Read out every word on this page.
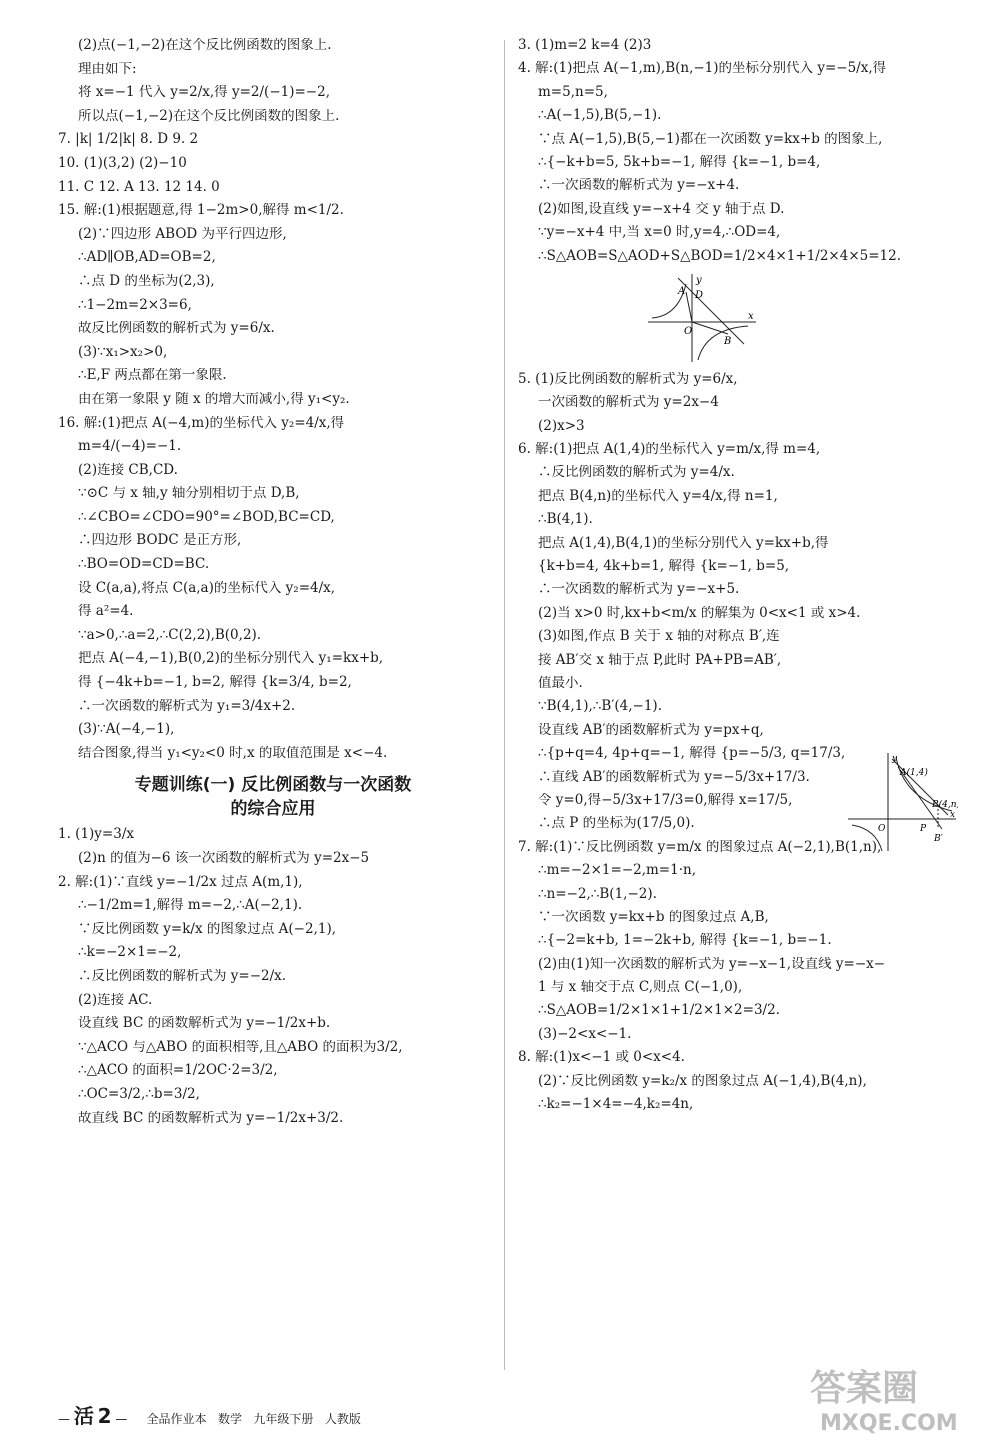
(2)点(−1,−2)在这个反比例函数的图象上.
理由如下:
将 x=−1 代入 y=2/x,得 y=2/(−1)=−2,
所以点(−1,−2)在这个反比例函数的图象上.
7. |k| 1/2|k| 8. D 9. 2
10. (1)(3,2) (2)−10
11. C 12. A 13. 12 14. 0
15. 解:(1)根据题意,得 1−2m>0,解得 m<1/2.
(2)∵四边形 ABOD 为平行四边形,
∴AD∥OB,AD=OB=2,
∴点 D 的坐标为(2,3),
∴1−2m=2×3=6,
故反比例函数的解析式为 y=6/x.
(3)∵x₁>x₂>0,
∴E,F 两点都在第一象限.
由在第一象限 y 随 x 的增大而减小,得 y₁<y₂.
16. 解:(1)把点 A(−4,m)的坐标代入 y₂=4/x,得
m=4/(−4)=−1.
(2)连接 CB,CD.
∵⊙C 与 x 轴,y 轴分别相切于点 D,B,
∴∠CBO=∠CDO=90°=∠BOD,BC=CD,
∴四边形 BODC 是正方形,
∴BO=OD=CD=BC.
设 C(a,a),将点 C(a,a)的坐标代入 y₂=4/x,
得 a²=4.
∵a>0,∴a=2,∴C(2,2),B(0,2).
把点 A(−4,−1),B(0,2)的坐标分别代入 y₁=kx+b,
得 {−4k+b=−1, b=2, 解得 {k=3/4, b=2,
∴一次函数的解析式为 y₁=3/4x+2.
(3)∵A(−4,−1),
结合图象,得当 y₁<y₂<0 时,x 的取值范围是 x<−4.
专题训练(一) 反比例函数与一次函数
的综合应用
1. (1)y=3/x
(2)n 的值为−6 该一次函数的解析式为 y=2x−5
2. 解:(1)∵直线 y=−1/2x 过点 A(m,1),
∴−1/2m=1,解得 m=−2,∴A(−2,1).
∵反比例函数 y=k/x 的图象过点 A(−2,1),
∴k=−2×1=−2,
∴反比例函数的解析式为 y=−2/x.
(2)连接 AC.
设直线 BC 的函数解析式为 y=−1/2x+b.
∵△ACO 与△ABO 的面积相等,且△ABO 的面积为3/2,
∴△ACO 的面积=1/2OC·2=3/2,
∴OC=3/2,∴b=3/2,
故直线 BC 的函数解析式为 y=−1/2x+3/2.
3. (1)m=2 k=4 (2)3
4. 解:(1)把点 A(−1,m),B(n,−1)的坐标分别代入 y=−5/x,得
m=5,n=5,
∴A(−1,5),B(5,−1).
∵点 A(−1,5),B(5,−1)都在一次函数 y=kx+b 的图象上,
∴{−k+b=5, 5k+b=−1, 解得 {k=−1, b=4,
∴一次函数的解析式为 y=−x+4.
(2)如图,设直线 y=−x+4 交 y 轴于点 D.
∵y=−x+4 中,当 x=0 时,y=4,∴OD=4,
∴S△AOB=S△AOD+S△BOD=1/2×4×1+1/2×4×5=12.
A D
B
O
x
y
5. (1)反比例函数的解析式为 y=6/x,
一次函数的解析式为 y=2x−4
(2)x>3
6. 解:(1)把点 A(1,4)的坐标代入 y=m/x,得 m=4,
∴反比例函数的解析式为 y=4/x.
把点 B(4,n)的坐标代入 y=4/x,得 n=1,
∴B(4,1).
把点 A(1,4),B(4,1)的坐标分别代入 y=kx+b,得
{k+b=4, 4k+b=1, 解得 {k=−1, b=5,
∴一次函数的解析式为 y=−x+5.
(2)当 x>0 时,kx+b<m/x 的解集为 0<x<1 或 x>4.
(3)如图,作点 B 关于 x 轴的对称点 B′,连
接 AB′交 x 轴于点 P,此时 PA+PB=AB′,
值最小.
∵B(4,1),∴B′(4,−1).
设直线 AB′的函数解析式为 y=px+q,
∴{p+q=4, 4p+q=−1, 解得 {p=−5/3, q=17/3,
∴直线 AB′的函数解析式为 y=−5/3x+17/3.
令 y=0,得−5/3x+17/3=0,解得 x=17/5,
∴点 P 的坐标为(17/5,0).
7. 解:(1)∵反比例函数 y=m/x 的图象过点 A(−2,1),B(1,n),
∴m=−2×1=−2,m=1·n,
∴n=−2,∴B(1,−2).
∵一次函数 y=kx+b 的图象过点 A,B,
∴{−2=k+b, 1=−2k+b, 解得 {k=−1, b=−1.
(2)由(1)知一次函数的解析式为 y=−x−1,设直线 y=−x−
1 与 x 轴交于点 C,则点 C(−1,0),
∴S△AOB=1/2×1×1+1/2×1×2=3/2.
(3)−2<x<−1.
8. 解:(1)x<−1 或 0<x<4.
(2)∵反比例函数 y=k₂/x 的图象过点 A(−1,4),B(4,n),
∴k₂=−1×4=−4,k₂=4n,
A(1,4)
B(4,n)
O	P
B′
x
y
— 活 2 — 全品作业本 数学 九年级下册 人教版
答案圈
MXQE.COM
